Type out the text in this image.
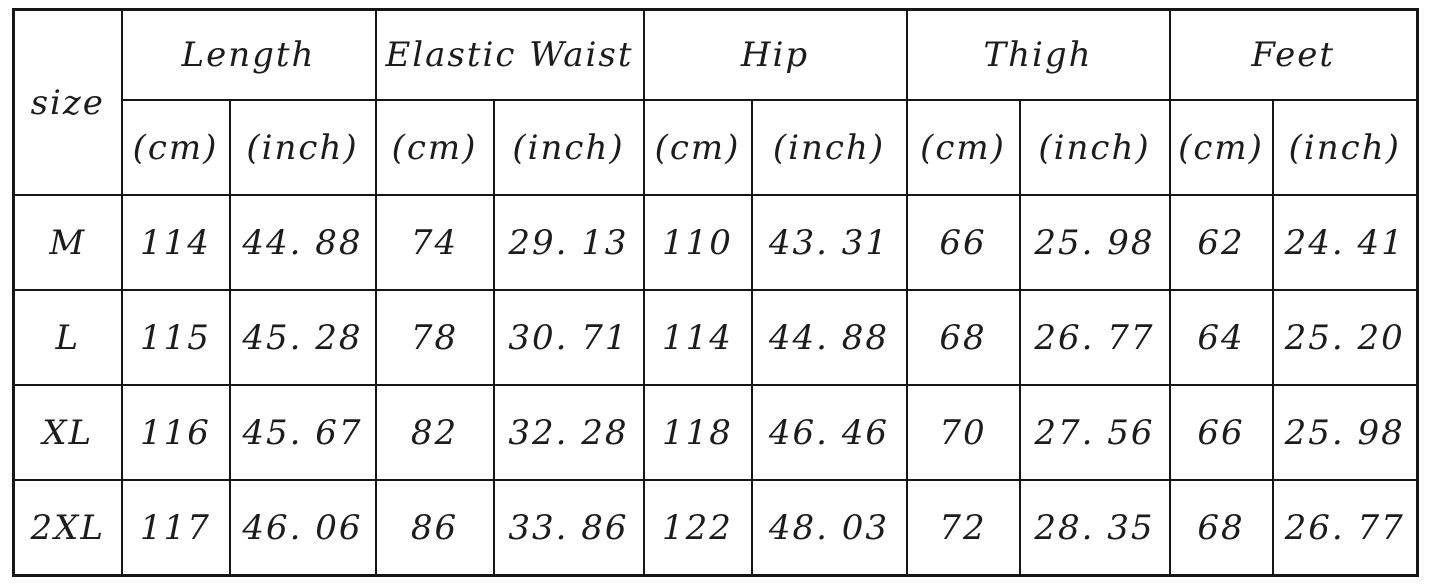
size	Length		Elastic Waist		Hip		Thigh		Feet	
	(cm)	(inch)	(cm)	(inch)	(cm)	(inch)	(cm)	(inch)	(cm)	(inch)
M	114	44. 88	74	29. 13	110	43. 31	66	25. 98	62	24. 41
L	115	45. 28	78	30. 71	114	44. 88	68	26. 77	64	25. 20
XL	116	45. 67	82	32. 28	118	46. 46	70	27. 56	66	25. 98
2XL	117	46. 06	86	33. 86	122	48. 03	72	28. 35	68	26. 77
